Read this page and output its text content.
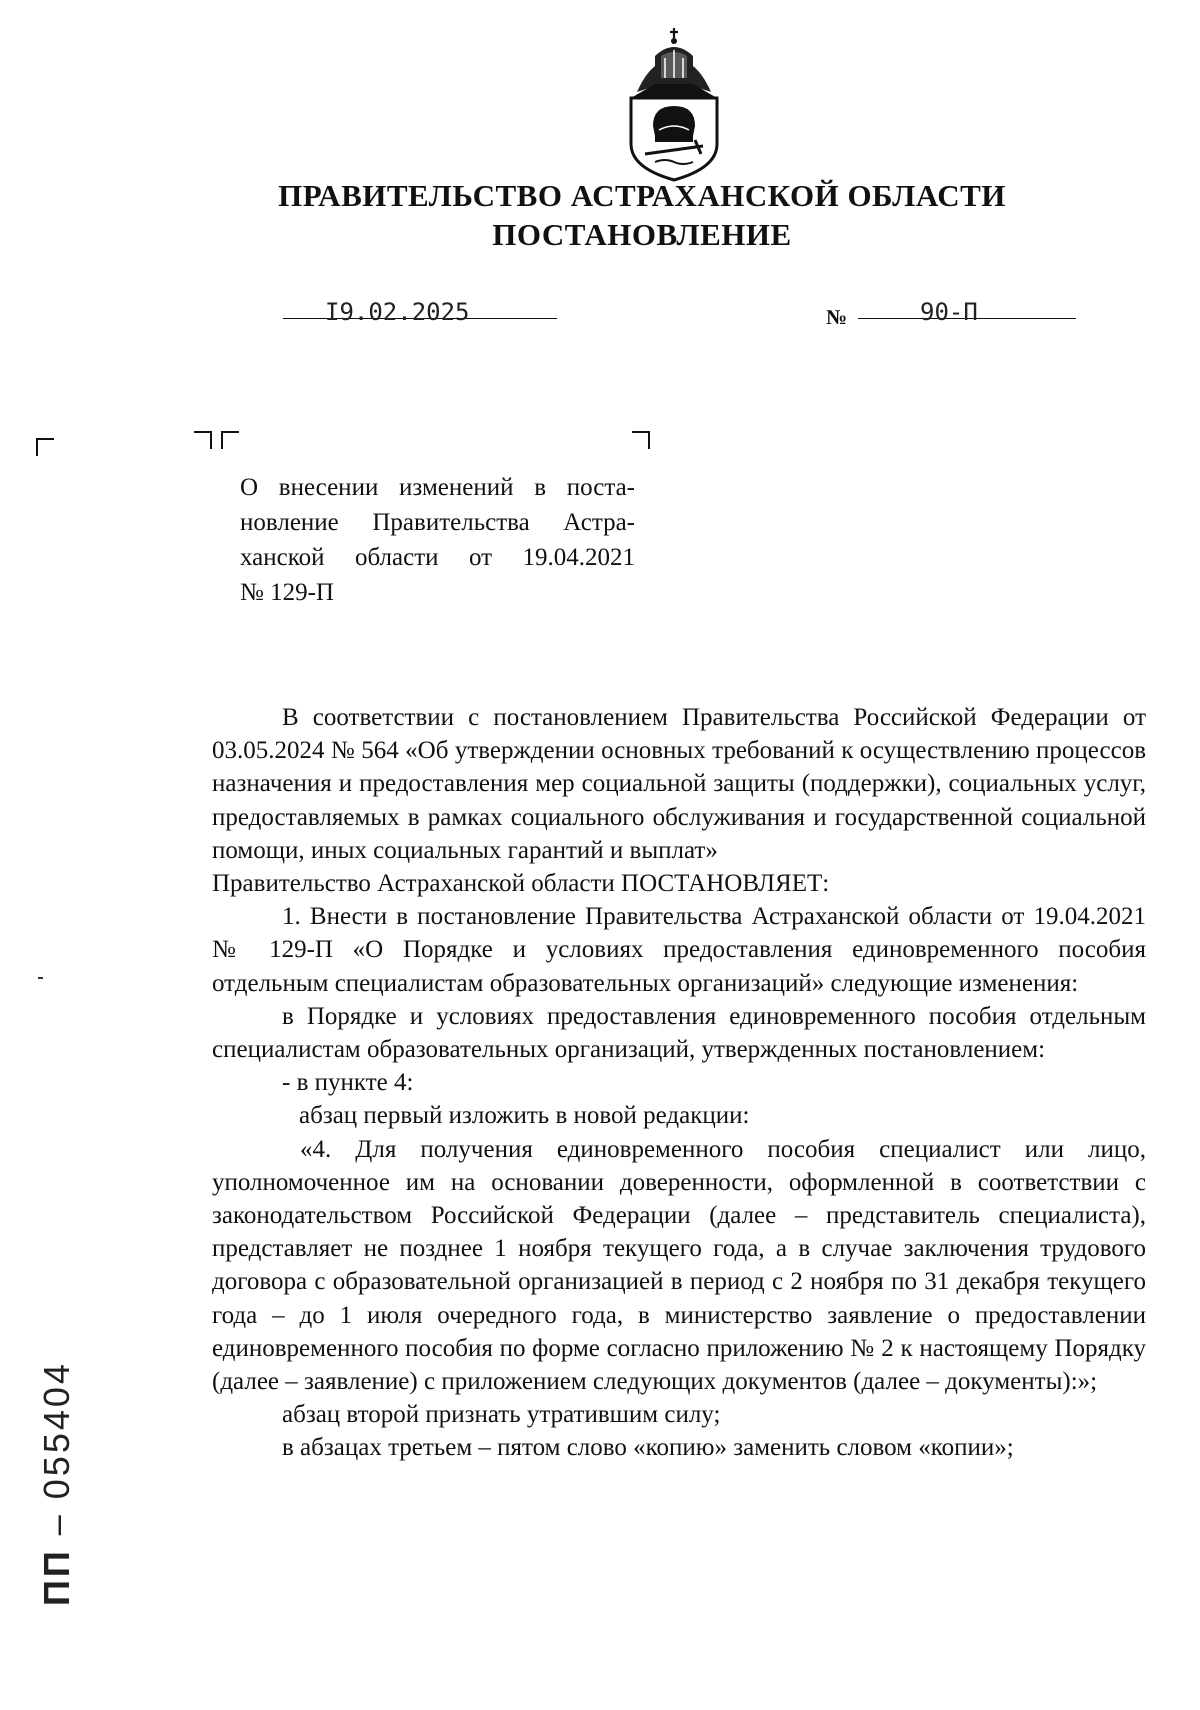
ПРАВИТЕЛЬСТВО АСТРАХАНСКОЙ ОБЛАСТИ
ПОСТАНОВЛЕНИЕ
I9.02.2025	№	90-П

О внесении изменений в поста-

новление Правительства Астра-

ханской области от 19.04.2021

№ 129-П

В соответствии с постановлением Правительства Российской Федерации от 03.05.2024 № 564 «Об утверждении основных требований к осуществлению процессов назначения и предоставления мер социальной защиты (поддержки), социальных услуг, предоставляемых в рамках социального обслуживания и государственной социальной помощи, иных социальных гарантий и выплат»

Правительство Астраханской области ПОСТАНОВЛЯЕТ:

1. Внести в постановление Правительства Астраханской области от 19.04.2021 № 129-П «О Порядке и условиях предоставления единовременного пособия отдельным специалистам образовательных организаций» следующие изменения:

в Порядке и условиях предоставления единовременного пособия отдельным специалистам образовательных организаций, утвержденных постановлением:

- в пункте 4:

абзац первый изложить в новой редакции:

«4. Для получения единовременного пособия специалист или лицо, уполномоченное им на основании доверенности, оформленной в соответствии с законодательством Российской Федерации (далее – представитель специалиста), представляет не позднее 1 ноября текущего года, а в случае заключения трудового договора с образовательной организацией в период с 2 ноября по 31 декабря текущего года – до 1 июля очередного года, в министерство заявление о предоставлении единовременного пособия по форме согласно приложению № 2 к настоящему Порядку (далее – заявление) с приложением следующих документов (далее – документы):»;

абзац второй признать утратившим силу;

в абзацах третьем – пятом слово «копию» заменить словом «копии»;

ПП – 055404
